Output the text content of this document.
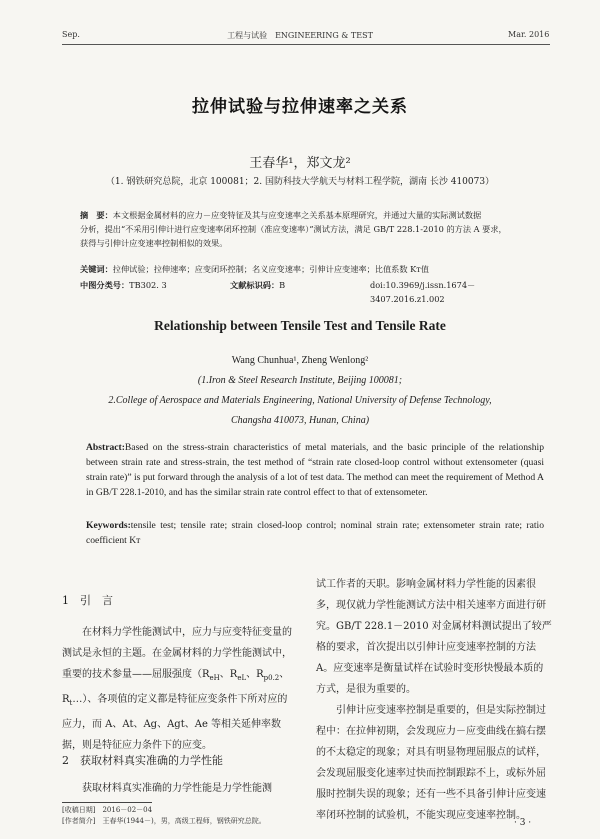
Sep.	工程与试验　ENGINEERING & TEST	Mar. 2016
拉伸试验与拉伸速率之关系
王春华¹，郑文龙²
（1. 钢铁研究总院，北京 100081；2. 国防科技大学航天与材料工程学院，湖南 长沙 410073）
摘　要：本文根据金属材料的应力－应变特征及其与应变速率之关系基本原理研究，并通过大量的实际测试数据
分析，提出“不采用引伸计进行应变速率闭环控制（准应变速率）”测试方法，满足 GB/T 228.1-2010 的方法 A 要求，
获得与引伸计应变速率控制相似的效果。
关键词：拉伸试验；拉伸速率；应变闭环控制；名义应变速率；引伸计应变速率；比值系数 Kт值
中图分类号：TB302. 3	文献标识码：B	doi:10.3969/j.issn.1674－3407.2016.z1.002
Relationship between Tensile Test and Tensile Rate
Wang Chunhua¹, Zheng Wenlong²
(1.Iron & Steel Research Institute, Beijing 100081;
2.College of Aerospace and Materials Engineering, National University of Defense Technology,
Changsha 410073, Hunan, China)
Abstract:Based on the stress-strain characteristics of metal materials, and the basic principle of the relationship between strain rate and stress-strain, the test method of “strain rate closed-loop control without extensometer (quasi strain rate)” is put forward through the analysis of a lot of test data. The method can meet the requirement of Method A in GB/T 228.1-2010, and has the similar strain rate control effect to that of extensometer.
Keywords:tensile test; tensile rate; strain closed-loop control; nominal strain rate; extensometer strain rate; ratio coefficient Kт
1　引　言

在材料力学性能测试中，应力与应变特征变量的测试是永恒的主题。在金属材料的力学性能测试中，重要的技术参量——屈服强度（$R_{eH}$、$R_{eL}$、$R_{p0.2}$、$R_t\dots$）、各项值的定义都是特征应变条件下所对应的应力，而 A、At、Ag、Agt、Ae 等相关延伸率数据，则是特征应力条件下的应变。

2　获取材料真实准确的力学性能

获取材料真实准确的力学性能是力学性能测

[收稿日期]　2016－02－04
[作者简介]　王春华(1944－)，男，高级工程师，钢铁研究总院。

试工作者的天职。影响金属材料力学性能的因素很多，现仅就力学性能测试方法中相关速率方面进行研究。GB/T 228.1－2010 对金属材料测试提出了较严格的要求，首次提出以引伸计应变速率控制的方法 A。应变速率是衡量试样在试验时变形快慢最本质的方式，是很为重要的。

引伸计应变速率控制是重要的，但是实际控制过程中：在拉伸初期，会发现应力－应变曲线在搞右摆的不太稳定的现象；对具有明显物理屈服点的试样，会发现屈服变化速率过快而控制跟踪不上，或标外屈服时控制失误的现象；还有一些不具备引伸计应变速率闭环控制的试验机，不能实现应变速率控制。

· 3 ·
